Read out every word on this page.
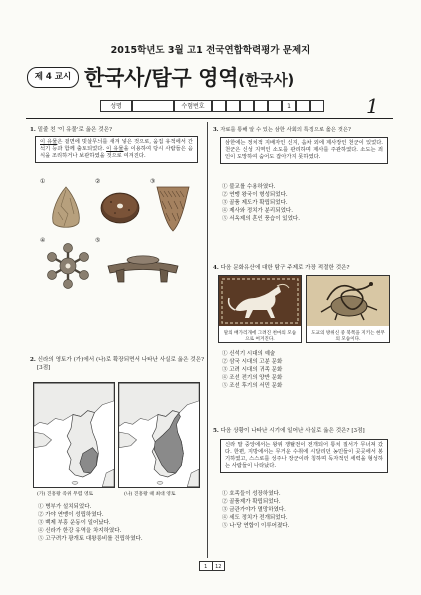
2015학년도 3월 고1 전국연합학력평가 문제지
제 4 교시 한국사/탐구 영역(한국사)
성명	수험번호	1	1
1. 밑줄 친 '이 유물'로 옳은 것은?
이 유물은 겉면에 빗살무늬를 새겨 넣은 것으로, 움집 유적에서 간석기 등과 함께 출토되었다. 이 유물을 이용하여 당시 사람들은 음식을 조리하거나 보관하였을 것으로 여겨진다.
①	②	③
④	⑤
2. 신라의 영토가 (가)에서 (나)로 확장되면서 나타난 사실로 옳은 것은? [3점]
(가) 진흥왕 즉위 무렵 영토	(나) 진흥왕 때 최대 영토
① 병부가 설치되었다.
② 가야 연맹이 성립하였다.
③ 백제 부흥 운동이 일어났다.
④ 신라가 한강 유역을 차지하였다.
⑤ 고구려가 광개토 대왕릉비를 건립하였다.
3. 자료를 통해 알 수 있는 삼한 사회의 특징으로 옳은 것은?
삼한에는 정치적 지배자인 신지, 읍차 외에 제사장인 천군이 있었다. 천군은 신성 지역인 소도를 관리하며 제사를 주관하였다. 소도는 죄인이 도망하여 숨어도 잡아가지 못하였다.
① 불교를 수용하였다.
② 연맹 왕국이 형성되었다.
③ 골품 제도가 확립되었다.
④ 제사와 정치가 분리되었다.
⑤ 서옥제의 혼인 풍습이 있었다.
4. 다음 문화유산에 대한 탐구 주제로 가장 적절한 것은?
말의 배가리개에 그려진 천마의 모습으로 여겨진다.
도교의 방위신 중 북쪽을 지키는 현무의 모습이다.
① 신석기 시대의 예술
② 삼국 시대의 고분 문화
③ 고려 시대의 귀족 문화
④ 조선 전기의 양반 문화
⑤ 조선 후기의 서민 문화
5. 다음 상황이 나타난 시기에 일어난 사실로 옳은 것은? [3점]
신라 말 중앙에서는 왕위 쟁탈전이 전개되어 통치 질서가 무너져 갔다. 한편, 지방에서는 무거운 수취에 시달리던 농민들이 곳곳에서 봉기하였고, 스스로를 성주나 장군이라 칭하며 독자적인 세력을 형성하는 사람들이 나타났다.
① 호족들이 성장하였다.
② 골품제가 확립되었다.
③ 금관가야가 멸망하였다.
④ 세도 정치가 전개되었다.
⑤ 나·당 연합이 이루어졌다.
1	12
